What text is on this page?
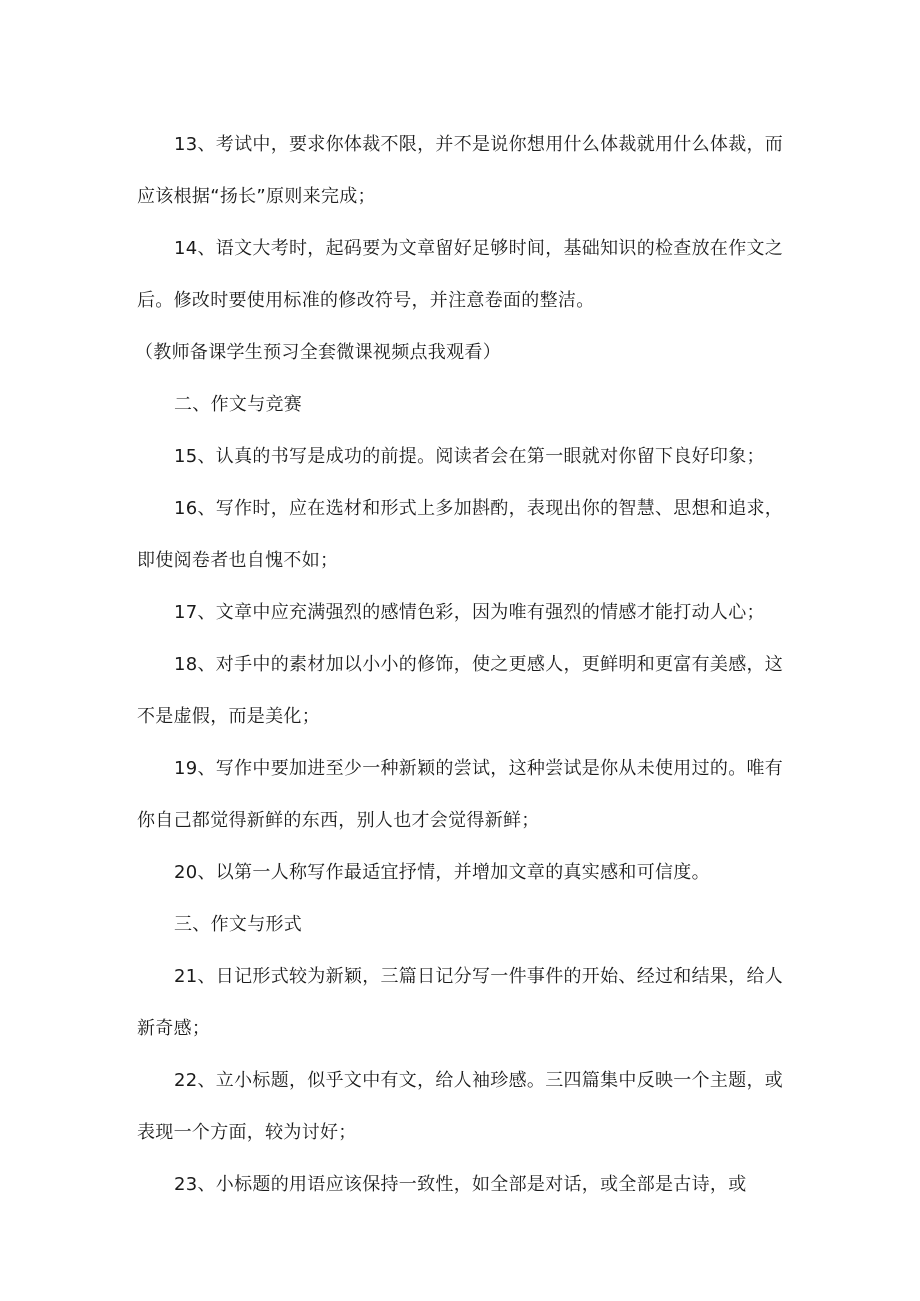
13、考试中，要求你体裁不限，并不是说你想用什么体裁就用什么体裁，而应该根据“扬长”原则来完成；

14、语文大考时，起码要为文章留好足够时间，基础知识的检查放在作文之后。修改时要使用标准的修改符号，并注意卷面的整洁。

（教师备课学生预习全套微课视频点我观看）

二、作文与竞赛

15、认真的书写是成功的前提。阅读者会在第一眼就对你留下良好印象；

16、写作时，应在选材和形式上多加斟酌，表现出你的智慧、思想和追求，即使阅卷者也自愧不如；

17、文章中应充满强烈的感情色彩，因为唯有强烈的情感才能打动人心；

18、对手中的素材加以小小的修饰，使之更感人，更鲜明和更富有美感，这不是虚假，而是美化；

19、写作中要加进至少一种新颖的尝试，这种尝试是你从未使用过的。唯有你自己都觉得新鲜的东西，别人也才会觉得新鲜；

20、以第一人称写作最适宜抒情，并增加文章的真实感和可信度。

三、作文与形式

21、日记形式较为新颖，三篇日记分写一件事件的开始、经过和结果，给人新奇感；

22、立小标题，似乎文中有文，给人袖珍感。三四篇集中反映一个主题，或表现一个方面，较为讨好；

23、小标题的用语应该保持一致性，如全部是对话，或全部是古诗，或
